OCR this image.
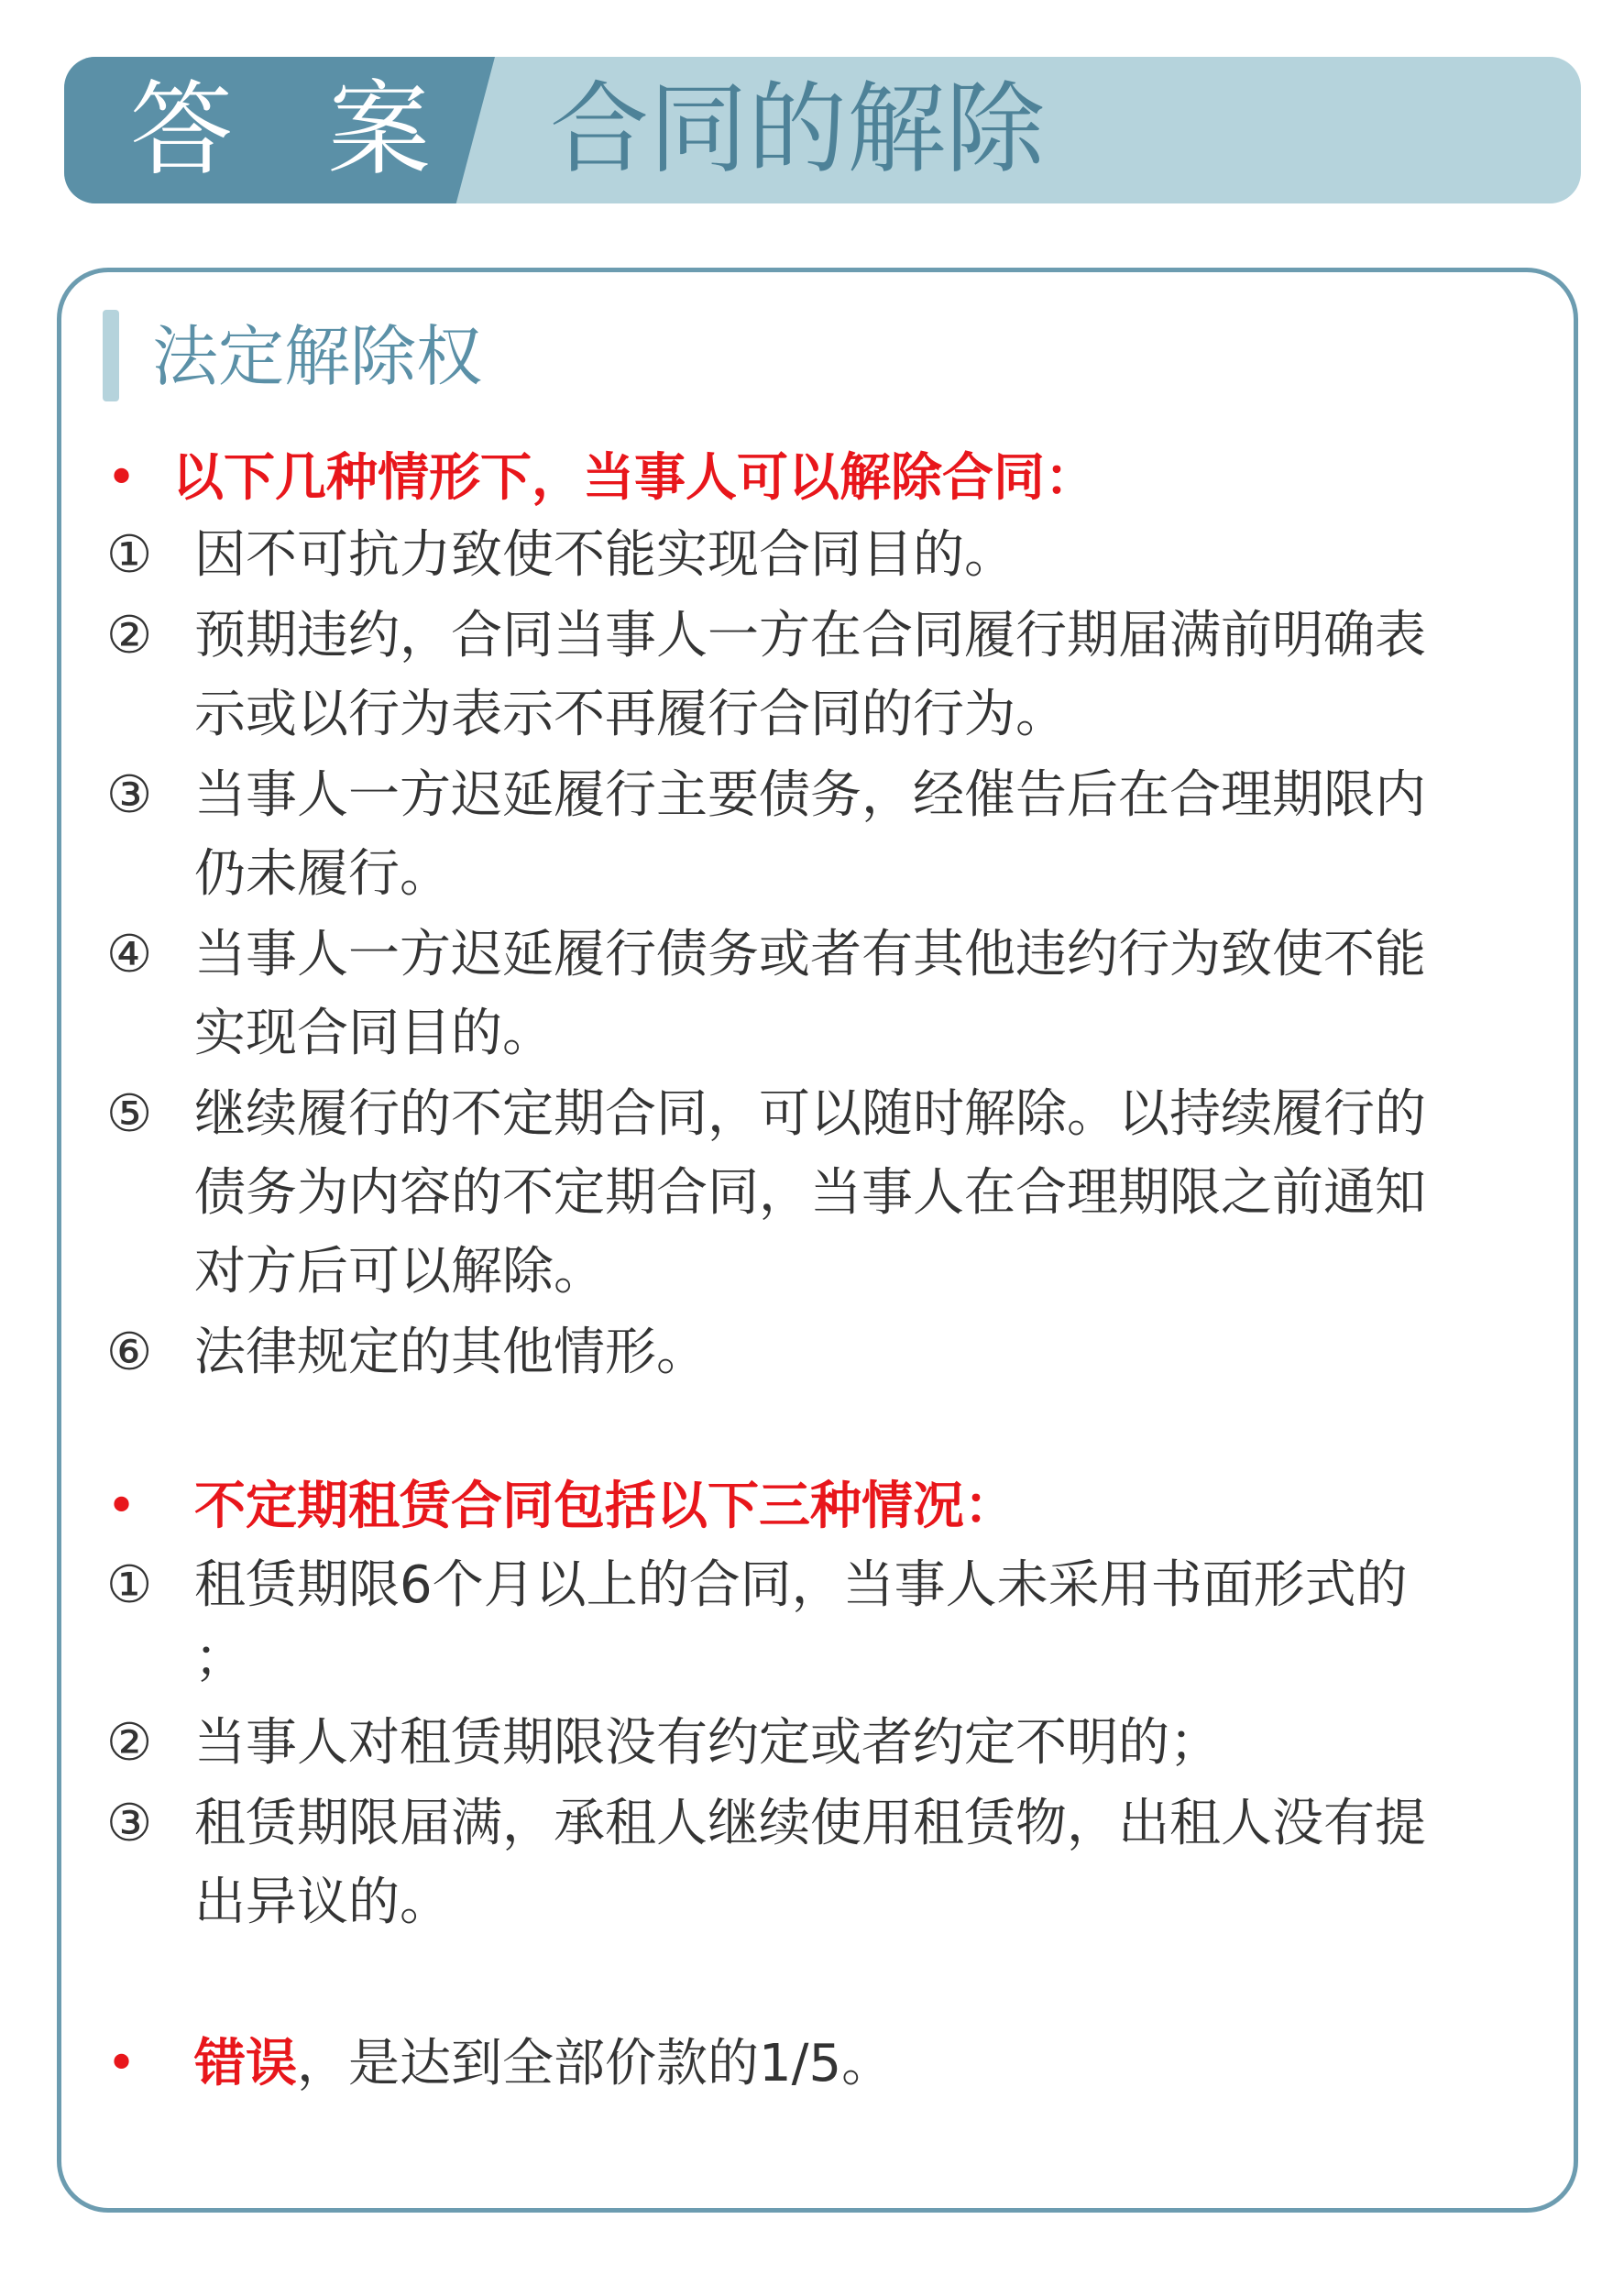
答 案 合同的解除
法定解除权
• 以下几种情形下，当事人可以解除合同：
① 因不可抗力致使不能实现合同目的。
② 预期违约，合同当事人一方在合同履行期届满前明确表
示或以行为表示不再履行合同的行为。
③ 当事人一方迟延履行主要债务，经催告后在合理期限内
仍未履行。
④ 当事人一方迟延履行债务或者有其他违约行为致使不能
实现合同目的。
⑤ 继续履行的不定期合同，可以随时解除。以持续履行的
债务为内容的不定期合同，当事人在合理期限之前通知
对方后可以解除。
⑥ 法律规定的其他情形。
• 不定期租赁合同包括以下三种情况：
① 租赁期限6个月以上的合同，当事人未采用书面形式的
；
② 当事人对租赁期限没有约定或者约定不明的；
③ 租赁期限届满，承租人继续使用租赁物，出租人没有提
出异议的。
• 错误，是达到全部价款的1/5。
